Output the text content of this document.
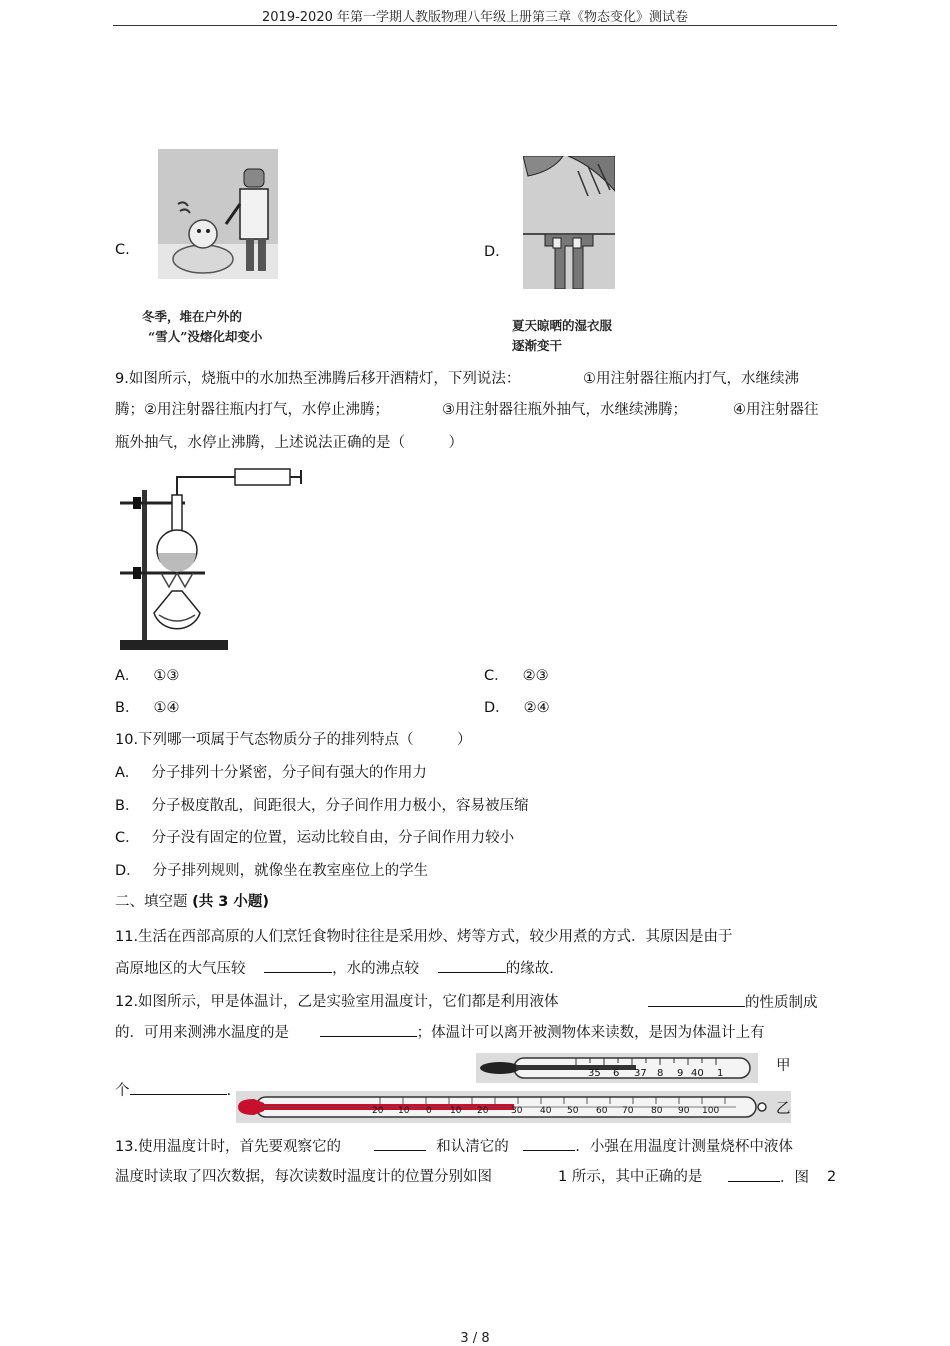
2019-2020 年第一学期人教版物理八年级上册第三章《物态变化》测试卷
C.
冬季，堆在户外的
“雪人”没熔化却变小
D.
夏天晾晒的湿衣服
逐渐变干
9.如图所示，烧瓶中的水加热至沸腾后移开酒精灯，下列说法：	①用注射器往瓶内打气，水继续沸
腾；②用注射器往瓶内打气，水停止沸腾；	③用注射器往瓶外抽气，水继续沸腾；	④用注射器往
瓶外抽气，水停止沸腾，上述说法正确的是（　　　）
A． ①③	C． ②③
B． ①④	D． ②④
10.下列哪一项属于气态物质分子的排列特点（　　　）
A． 分子排列十分紧密，分子间有强大的作用力
B． 分子极度散乱，间距很大，分子间作用力极小，容易被压缩
C． 分子没有固定的位置，运动比较自由，分子间作用力较小
D． 分子排列规则，就像坐在教室座位上的学生
二、填空题 (共 3 小题)
11.生活在西部高原的人们烹饪食物时往往是采用炒、烤等方式，较少用煮的方式．其原因是由于
高原地区的大气压较	，水的沸点较	的缘故.
12.如图所示，甲是体温计，乙是实验室用温度计，它们都是利用液体	的性质制成
的．可用来测沸水温度的是	；体温计可以离开被测物体来读数，是因为体温计上有
个	.
35 6 37 8 9 40 1	甲
20 10 0 10 20	30 40 50 60 70 80 90 100	乙
13.使用温度计时，首先要观察它的	和认清它的	．小强在用温度计测量烧杯中液体
温度时读取了四次数据，每次读数时温度计的位置分别如图	1 所示，其中正确的是	．图 2
3 / 8
